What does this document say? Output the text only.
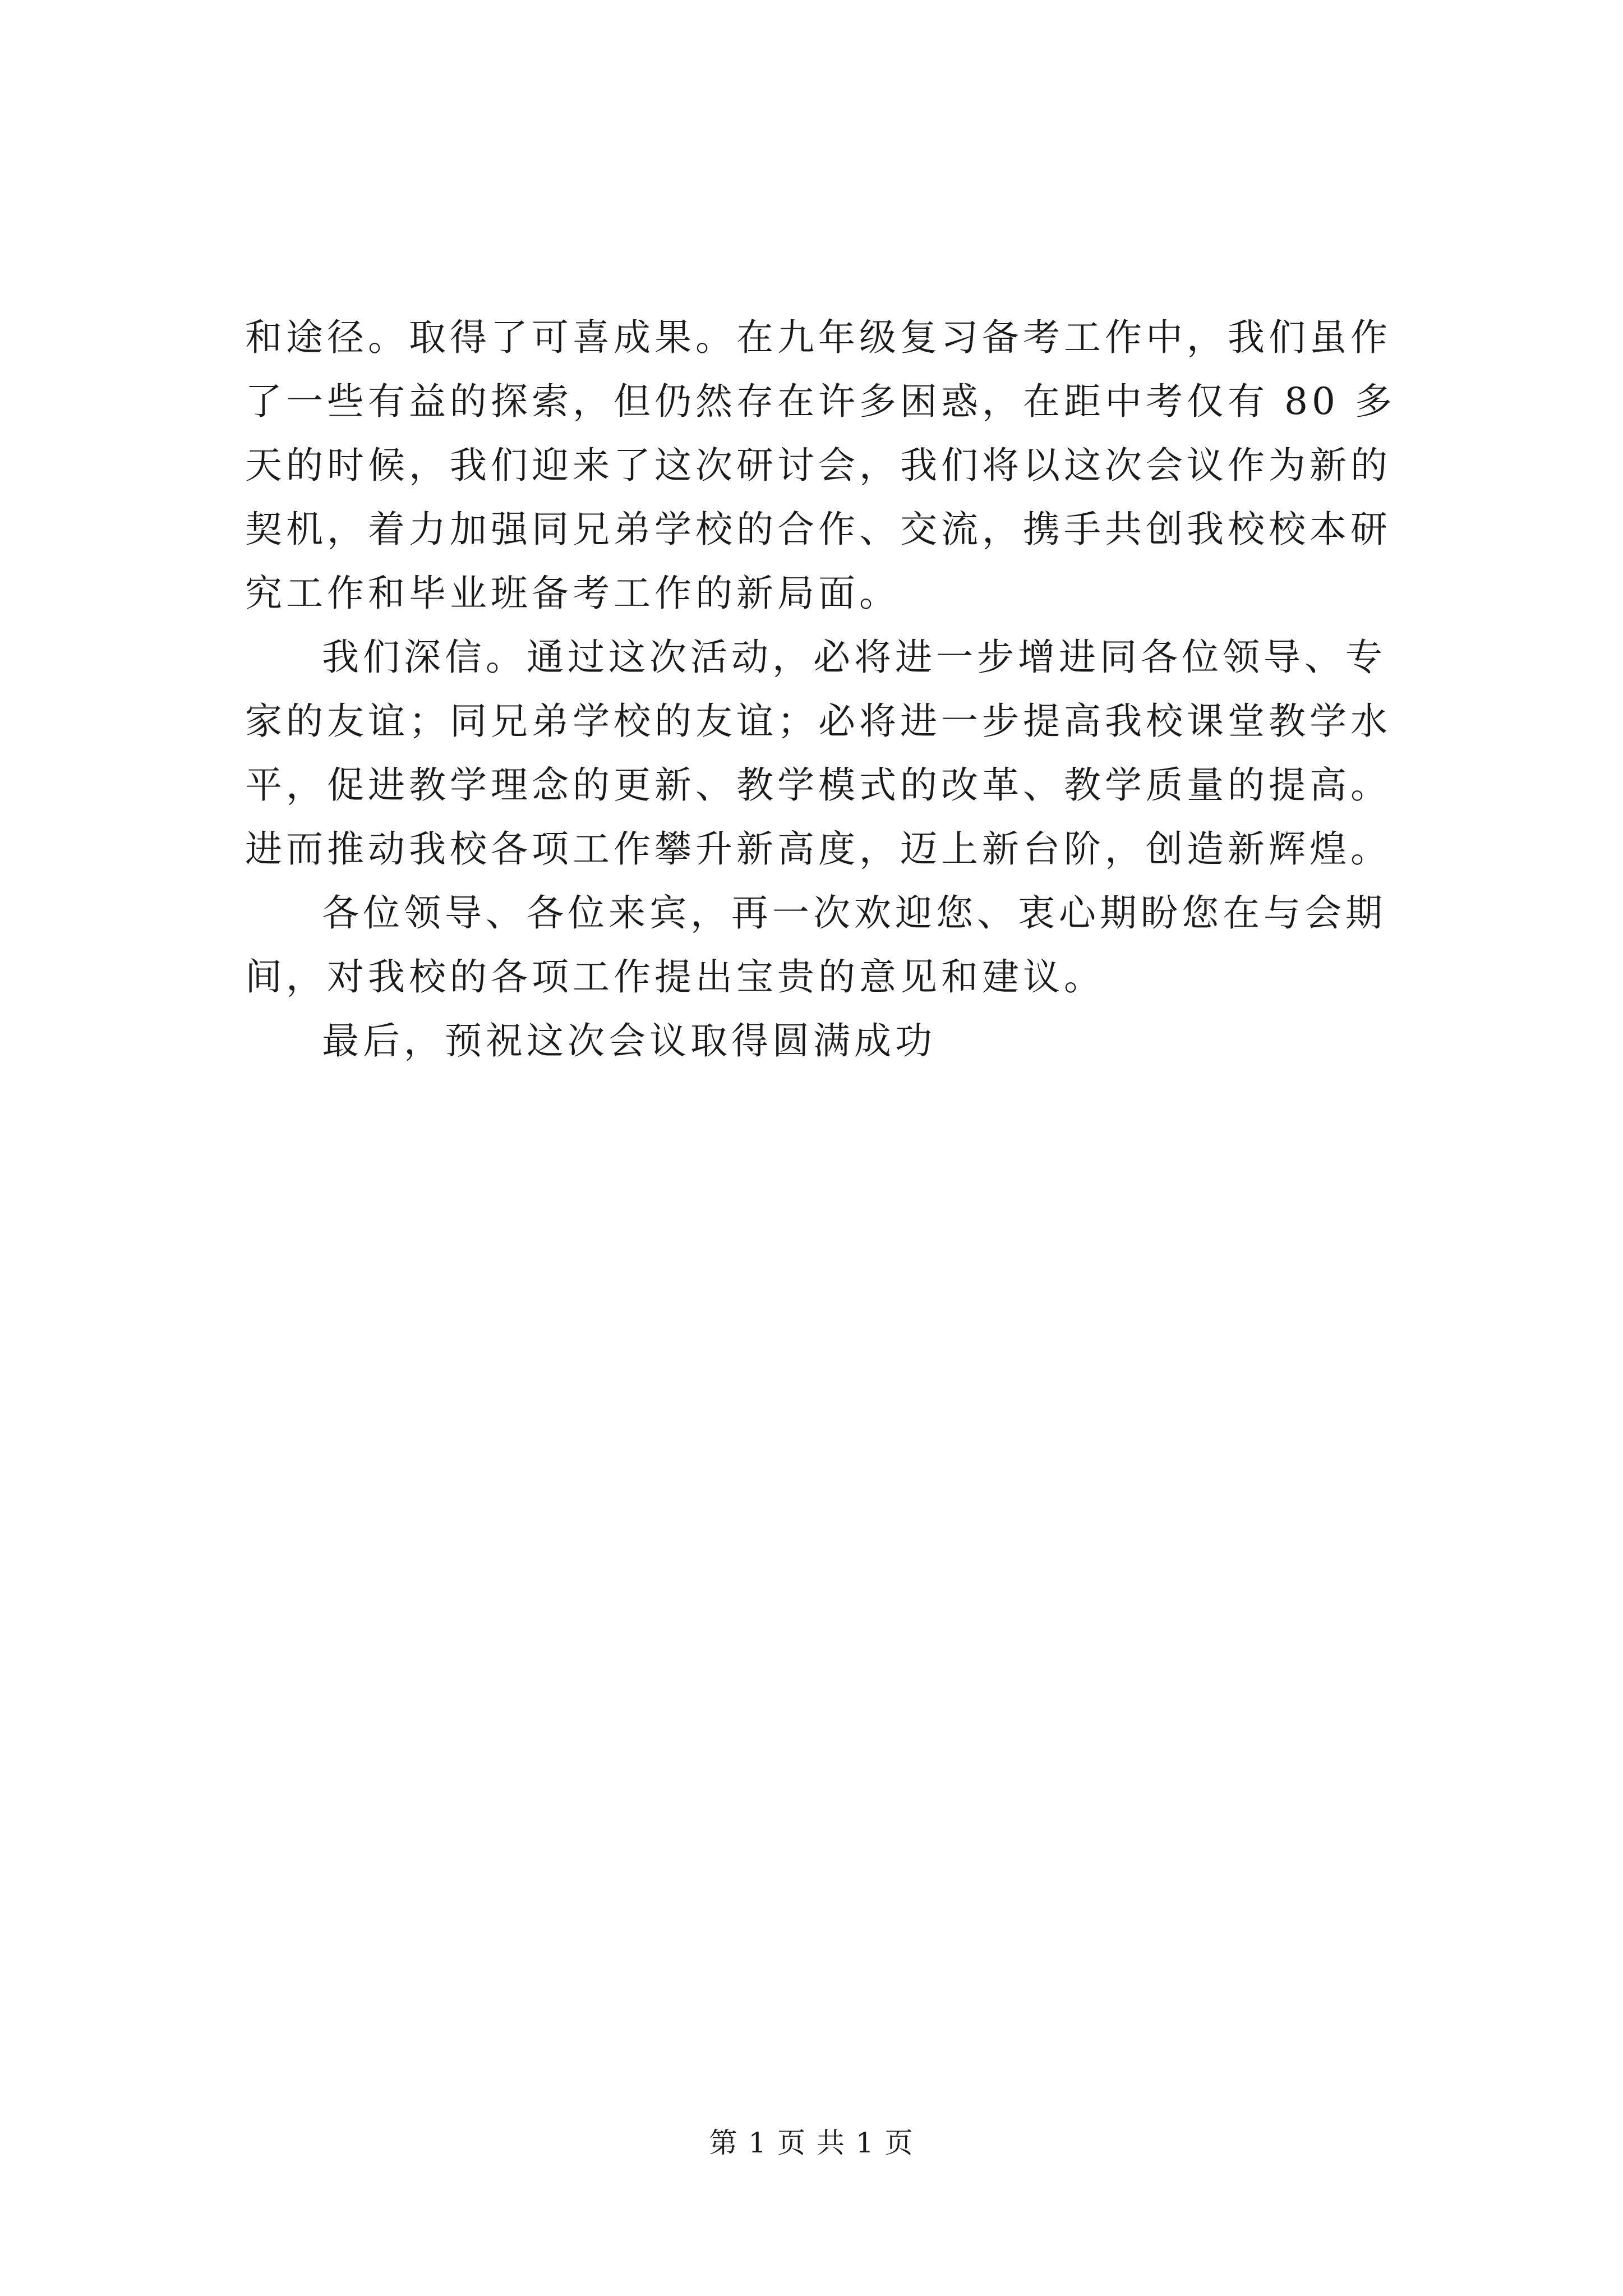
和途径。取得了可喜成果。在九年级复习备考工作中，我们虽作
了一些有益的探索，但仍然存在许多困惑，在距中考仅有 80 多
天的时候，我们迎来了这次研讨会，我们将以这次会议作为新的
契机，着力加强同兄弟学校的合作、交流，携手共创我校校本研
究工作和毕业班备考工作的新局面。

我们深信。通过这次活动，必将进一步增进同各位领导、专
家的友谊；同兄弟学校的友谊；必将进一步提高我校课堂教学水
平，促进教学理念的更新、教学模式的改革、教学质量的提高。
进而推动我校各项工作攀升新高度，迈上新台阶，创造新辉煌。

各位领导、各位来宾，再一次欢迎您、衷心期盼您在与会期
间，对我校的各项工作提出宝贵的意见和建议。

最后，预祝这次会议取得圆满成功

第 1 页 共 1 页
